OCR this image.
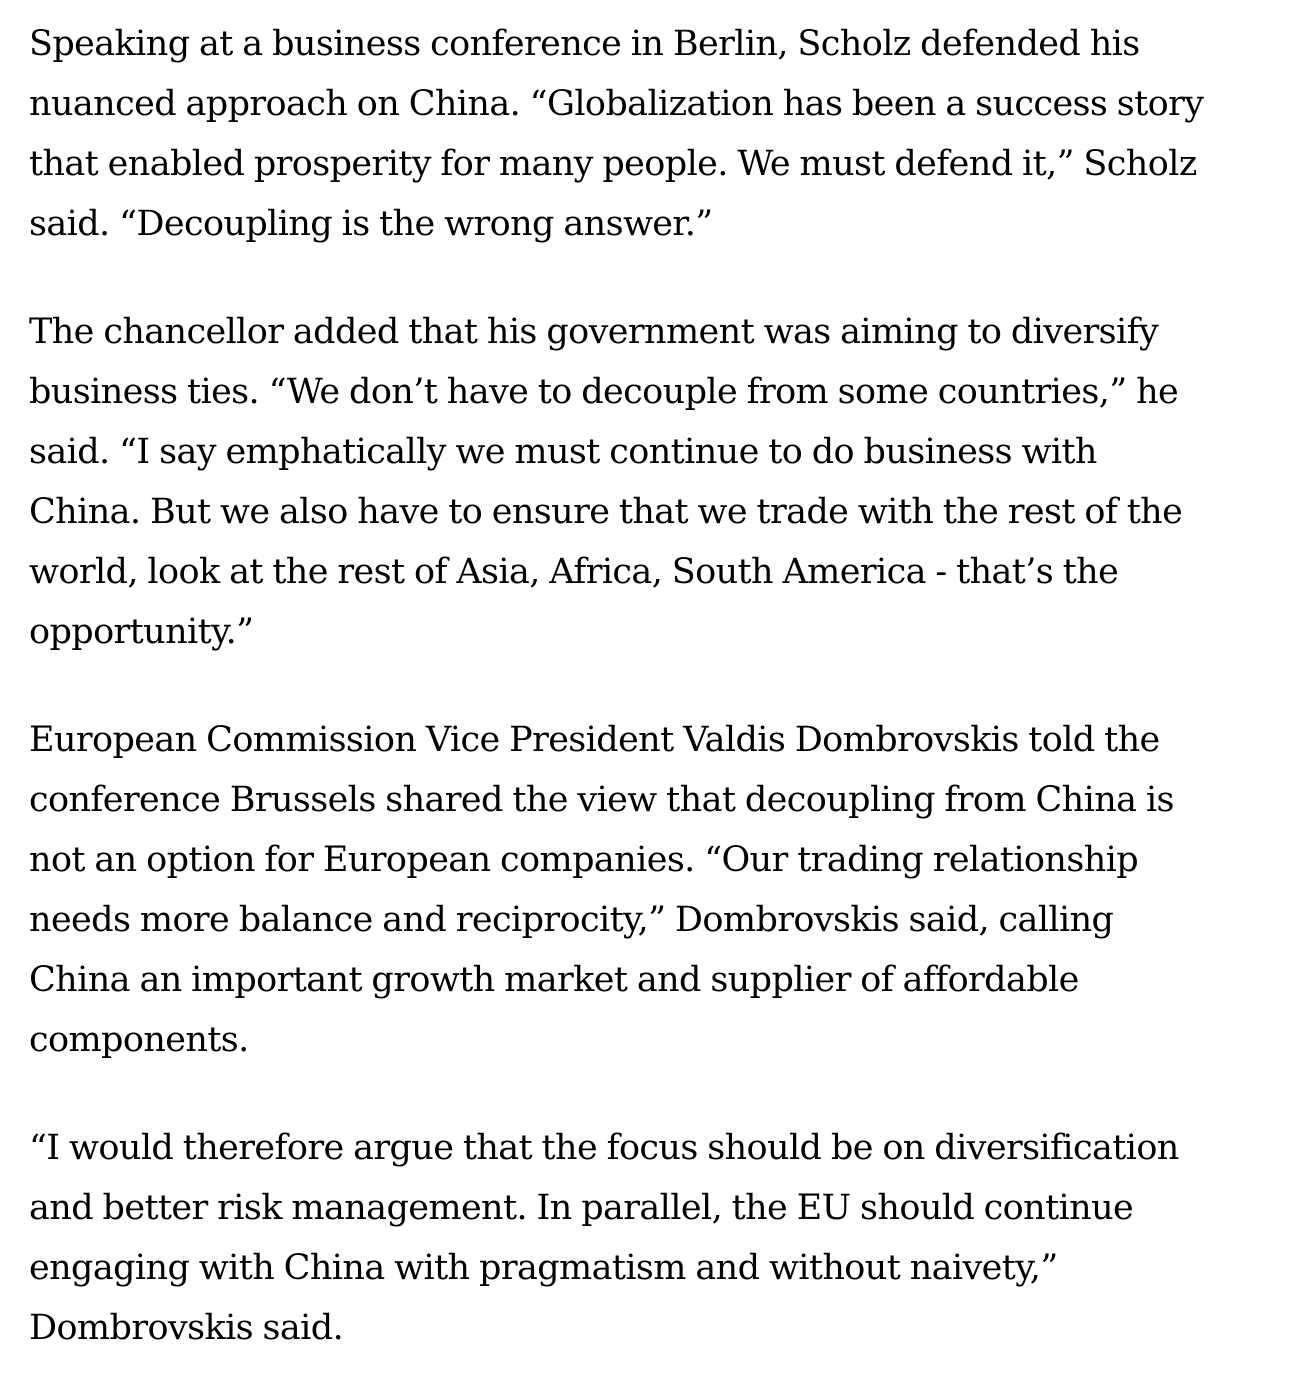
Speaking at a business conference in Berlin, Scholz defended his
nuanced approach on China. “Globalization has been a success story
that enabled prosperity for many people. We must defend it,” Scholz
said. “Decoupling is the wrong answer.”

The chancellor added that his government was aiming to diversify
business ties. “We don’t have to decouple from some countries,” he
said. “I say emphatically we must continue to do business with
China. But we also have to ensure that we trade with the rest of the
world, look at the rest of Asia, Africa, South America - that’s the
opportunity.”

European Commission Vice President Valdis Dombrovskis told the
conference Brussels shared the view that decoupling from China is
not an option for European companies. “Our trading relationship
needs more balance and reciprocity,” Dombrovskis said, calling
China an important growth market and supplier of affordable
components.

“I would therefore argue that the focus should be on diversification
and better risk management. In parallel, the EU should continue
engaging with China with pragmatism and without naivety,”
Dombrovskis said.
